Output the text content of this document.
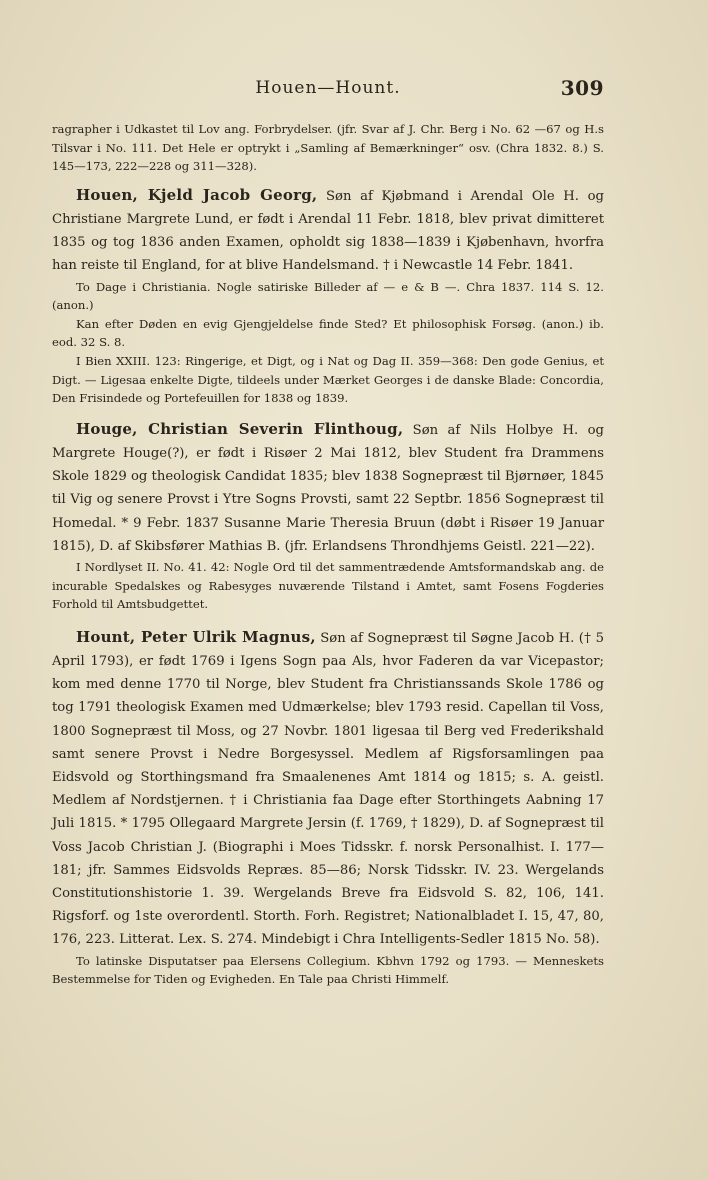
Houen—Hount.	309

ragrapher i Udkastet til Lov ang. Forbrydelser. (jfr. Svar af J. Chr. Berg i No. 62 —67 og H.s Tilsvar i No. 111. Det Hele er optrykt i „Samling af Bemærkninger“ osv. (Chra 1832. 8.) S. 145—173, 222—228 og 311—328).

Houen, Kjeld Jacob Georg, Søn af Kjøbmand i Arendal Ole H. og Christiane Margrete Lund, er født i Arendal 11 Febr. 1818, blev privat dimitteret 1835 og tog 1836 anden Examen, opholdt sig 1838—1839 i Kjøbenhavn, hvorfra han reiste til England, for at blive Handelsmand. † i Newcastle 14 Febr. 1841.

To Dage i Christiania. Nogle satiriske Billeder af — e & B —. Chra 1837. 114 S. 12. (anon.)

Kan efter Døden en evig Gjengjeldelse finde Sted? Et philosophisk Forsøg. (anon.) ib. eod. 32 S. 8.

I Bien XXIII. 123: Ringerige, et Digt, og i Nat og Dag II. 359—368: Den gode Genius, et Digt. — Ligesaa enkelte Digte, tildeels under Mærket Georges i de danske Blade: Concordia, Den Frisindede og Portefeuillen for 1838 og 1839.

Houge, Christian Severin Flinthoug, Søn af Nils Holbye H. og Margrete Houge(?), er født i Risøer 2 Mai 1812, blev Student fra Drammens Skole 1829 og theologisk Candidat 1835; blev 1838 Sognepræst til Bjørnøer, 1845 til Vig og senere Provst i Ytre Sogns Provsti, samt 22 Septbr. 1856 Sognepræst til Homedal. * 9 Febr. 1837 Susanne Marie Theresia Bruun (døbt i Risøer 19 Januar 1815), D. af Skibsfører Mathias B. (jfr. Erlandsens Throndhjems Geistl. 221—22).

I Nordlyset II. No. 41. 42: Nogle Ord til det sammentrædende Amtsformandskab ang. de incurable Spedalskes og Rabesyges nuværende Tilstand i Amtet, samt Fosens Fogderies Forhold til Amtsbudgettet.

Hount, Peter Ulrik Magnus, Søn af Sognepræst til Søgne Jacob H. († 5 April 1793), er født 1769 i Igens Sogn paa Als, hvor Faderen da var Vicepastor; kom med denne 1770 til Norge, blev Student fra Christianssands Skole 1786 og tog 1791 theologisk Examen med Udmærkelse; blev 1793 resid. Capellan til Voss, 1800 Sognepræst til Moss, og 27 Novbr. 1801 ligesaa til Berg ved Frederikshald samt senere Provst i Nedre Borgesyssel. Medlem af Rigsforsamlingen paa Eidsvold og Storthingsmand fra Smaalenenes Amt 1814 og 1815; s. A. geistl. Medlem af Nordstjernen. † i Christiania faa Dage efter Storthingets Aabning 17 Juli 1815. * 1795 Ollegaard Margrete Jersin (f. 1769, † 1829), D. af Sognepræst til Voss Jacob Christian J. (Biographi i Moes Tidsskr. f. norsk Personalhist. I. 177—181; jfr. Sammes Eidsvolds Repræs. 85—86; Norsk Tidsskr. IV. 23. Wergelands Constitutionshistorie 1. 39. Wergelands Breve fra Eidsvold S. 82, 106, 141. Rigsforf. og 1ste overordentl. Storth. Forh. Registret; Nationalbladet I. 15, 47, 80, 176, 223. Litterat. Lex. S. 274. Mindebigt i Chra Intelligents-Sedler 1815 No. 58).

To latinske Disputatser paa Elersens Collegium. Kbhvn 1792 og 1793. — Menneskets Bestemmelse for Tiden og Evigheden. En Tale paa Christi Himmelf.
